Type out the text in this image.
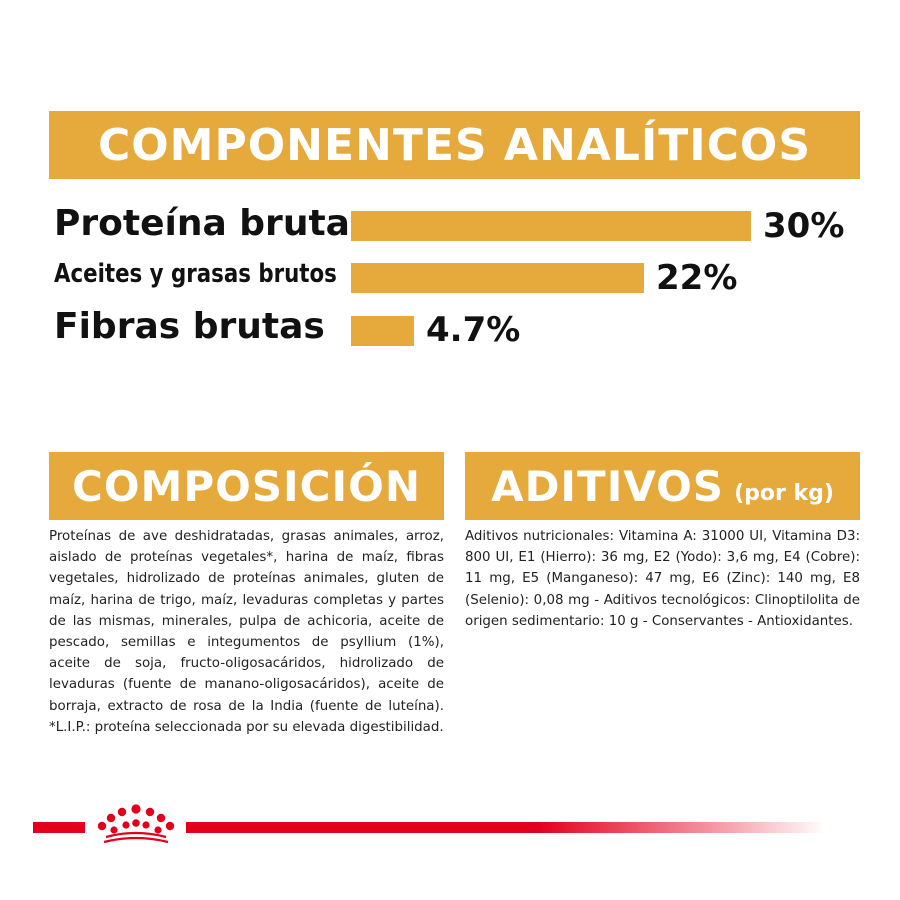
COMPONENTES ANALÍTICOS
Proteína bruta	30%
Aceites y grasas brutos	22%
Fibras brutas	4.7%
COMPOSICIÓN
Proteínas de ave deshidratadas, grasas animales, arroz, aislado de proteínas vegetales*, harina de maíz, fibras vegetales, hidrolizado de proteínas animales, gluten de maíz, harina de trigo, maíz, levaduras completas y partes de las mismas, minerales, pulpa de achicoria, aceite de pescado, semillas e integumentos de psyllium (1%), aceite de soja, fructo-oligosacáridos, hidrolizado de levaduras (fuente de manano-oligosacáridos), aceite de borraja, extracto de rosa de la India (fuente de luteína). *L.I.P.: proteína seleccionada por su elevada digestibilidad.
ADITIVOS (por kg)
Aditivos nutricionales: Vitamina A: 31000 UI, Vitamina D3: 800 UI, E1 (Hierro): 36 mg, E2 (Yodo): 3,6 mg, E4 (Cobre): 11 mg, E5 (Manganeso): 47 mg, E6 (Zinc): 140 mg, E8 (Selenio): 0,08 mg - Aditivos tecnológicos: Clinoptilolita de origen sedimentario: 10 g - Conservantes - Antioxidantes.
